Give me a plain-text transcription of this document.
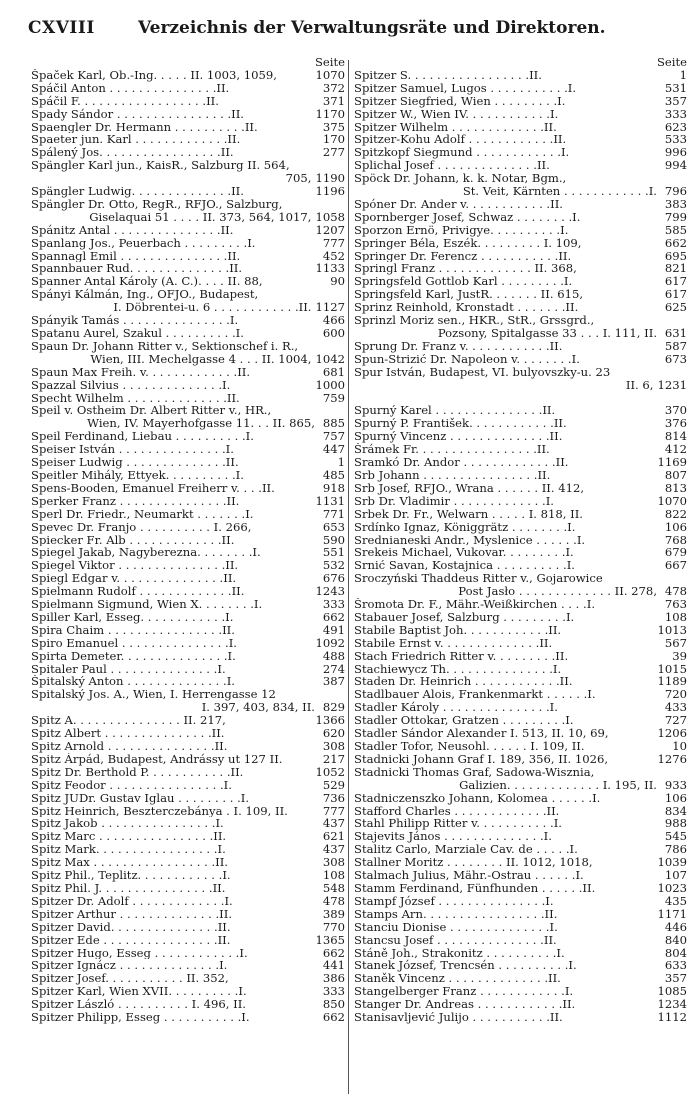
CXVIII	Verzeichnis der Verwaltungsräte und Direktoren.
Seite
Špaček Karl, Ob.-Ing. . . . . II. 1003, 1059,	1070
Spáčil Anton . . . . . . . . . . . . . . .II.	372
Spáčil F. . . . . . . . . . . . . . . . . .II.	371
Spady Sándor . . . . . . . . . . . . . . . .II.	1170
Spaengler Dr. Hermann . . . . . . . . . .II.	375
Spaeter jun. Karl . . . . . . . . . . . . .II.	170
Spálený Jos. . . . . . . . . . . . . . . . .II.	277
Spängler Karl jun., KaisR., Salzburg II. 564,
705, 1190
Spängler Ludwig. . . . . . . . . . . . . .II.	1196
Spängler Dr. Otto, RegR., RFJO., Salzburg,
Giselaquai 51 . . . . II. 373, 564, 1017, 1058
Spánitz Antal . . . . . . . . . . . . . . .II.	1207
Spanlang Jos., Peuerbach . . . . . . . . .I.	777
Spannagl Emil . . . . . . . . . . . . . . .II.	452
Spannbauer Rud. . . . . . . . . . . . . .II.	1133
Spanner Antal Károly (A. C.). . . . II. 88,	90
Spányi Kálmán, Ing., OFJO., Budapest,
I. Döbrentei-u. 6 . . . . . . . . . . . .II. 1127
Spányik Tamás . . . . . . . . . . . . . . .I.	466
Spatanu Aurel, Szakul . . . . . . . . . .I.	600
Spaun Dr. Johann Ritter v., Sektionschef i. R.,
Wien, III. Mechelgasse 4 . . . II. 1004, 1042
Spaun Max Freih. v. . . . . . . . . . . . .II.	681
Spazzal Silvius . . . . . . . . . . . . . .I.	1000
Specht Wilhelm . . . . . . . . . . . . . .II.	759
Speil v. Ostheim Dr. Albert Ritter v., HR.,
Wien, IV. Mayerhofgasse 11. . . II. 865, 885
Speil Ferdinand, Liebau . . . . . . . . . .I.	757
Speiser István . . . . . . . . . . . . . . .I.	447
Speiser Ludwig . . . . . . . . . . . . . .II.	1
Speitler Mihály, Ettyek. . . . . . . . . .I.	485
Spens-Booden, Emanuel Freiherr v. . . .II.	918
Sperker Franz . . . . . . . . . . . . . . .II.	1131
Sperl Dr. Friedr., Neumarkt . . . . . . .I.	771
Spevec Dr. Franjo . . . . . . . . . . I. 266,	653
Spiecker Fr. Alb . . . . . . . . . . . . .II.	590
Spiegel Jakab, Nagyberezna. . . . . . . .I.	551
Spiegel Viktor . . . . . . . . . . . . . . .II.	532
Spiegl Edgar v. . . . . . . . . . . . . . .II.	676
Spielmann Rudolf . . . . . . . . . . . . .II.	1243
Spielmann Sigmund, Wien X. . . . . . . .I.	333
Spiller Karl, Esseg. . . . . . . . . . . .I.	662
Spira Chaim . . . . . . . . . . . . . . . .II.	491
Spiro Emanuel . . . . . . . . . . . . . . .I.	1092
Spirta Demeter. . . . . . . . . . . . . . .I.	488
Spitaler Paul . . . . . . . . . . . . . . .I.	274
Špitalský Anton . . . . . . . . . . . . . .I.	387
Spitalský Jos. A., Wien, I. Herrengasse 12
I. 397, 403, 834, II. 829
Spitz A. . . . . . . . . . . . . . . II. 217,	1366
Spitz Albert . . . . . . . . . . . . . . .II.	620
Spitz Arnold . . . . . . . . . . . . . . .II.	308
Spitz Árpád, Budapest, Andrássy ut 127 II.	217
Spitz Dr. Berthold P. . . . . . . . . . . .II.	1052
Spitz Feodor . . . . . . . . . . . . . . . .I.	529
Spitz JUDr. Gustav Iglau . . . . . . . . .I.	736
Spitz Heinrich, Beszterczebánya . I. 109, II.	777
Spitz Jakob . . . . . . . . . . . . . . . .I.	437
Spitz Marc . . . . . . . . . . . . . . . .II.	621
Spitz Mark. . . . . . . . . . . . . . . . .I.	437
Spitz Max . . . . . . . . . . . . . . . . .II.	308
Spitz Phil., Teplitz. . . . . . . . . . . .I.	108
Spitz Phil. J. . . . . . . . . . . . . . . .II.	548
Spitzer Dr. Adolf . . . . . . . . . . . . .I.	478
Spitzer Arthur . . . . . . . . . . . . . .II.	389
Spitzer David. . . . . . . . . . . . . . .II.	770
Spitzer Ede . . . . . . . . . . . . . . . .II.	1365
Spitzer Hugo, Esseg . . . . . . . . . . . .I.	662
Spitzer Ignácz . . . . . . . . . . . . . .I.	441
Spitzer Josef. . . . . . . . . . . II. 352,	386
Spitzer Karl, Wien XVII. . . . . . . . . .I.	333
Spitzer László . . . . . . . . . . I. 496, II.	850
Spitzer Philipp, Esseg . . . . . . . . . . .I.	662
Seite
Spitzer S. . . . . . . . . . . . . . . . .II.	1
Spitzer Samuel, Lugos . . . . . . . . . . .I.	531
Spitzer Siegfried, Wien . . . . . . . . .I.	357
Spitzer W., Wien IV. . . . . . . . . . . .I.	333
Spitzer Wilhelm . . . . . . . . . . . . .II.	623
Spitzer-Kohu Adolf . . . . . . . . . . . .II.	533
Spitzkopf Siegmund . . . . . . . . . . . .I.	996
Splichal Josef . . . . . . . . . . . . . .II.	994
Spöck Dr. Johann, k. k. Notar, Bgm.,
St. Veit, Kärnten . . . . . . . . . . . .I. 796
Spóner Dr. Ander v. . . . . . . . . . . .II.	383
Spornberger Josef, Schwaz . . . . . . . .I.	799
Sporzon Ernö, Privigye. . . . . . . . . .I.	585
Springer Béla, Eszék. . . . . . . . . I. 109,	662
Springer Dr. Ferencz . . . . . . . . . . .II.	695
Springl Franz . . . . . . . . . . . . . II. 368,	821
Springsfeld Gottlob Karl . . . . . . . . .I.	617
Springsfeld Karl, JustR. . . . . . . II. 615,	617
Sprinz Reinhold, Kronstadt . . . . . . .II.	625
Sprinzl Moriz sen., HKR., StR., Grssgrd.,
Pozsony, Spitalgasse 33 . . . I. 111, II. 631
Sprung Dr. Franz v. . . . . . . . . . . .II.	587
Spun-Strizić Dr. Napoleon v. . . . . . . .I.	673
Spur István, Budapest, VI. bulyovszky-u. 23
II. 6, 1231
Spurný Karel . . . . . . . . . . . . . . .II.	370
Spurný P. František. . . . . . . . . . . .II.	376
Spurný Vincenz . . . . . . . . . . . . . .II.	814
Šrámek Fr. . . . . . . . . . . . . . . . .II.	412
Sramkó Dr. Andor . . . . . . . . . . . . .II.	1169
Srb Johann . . . . . . . . . . . . . . . .II.	807
Srb Josef, RFJO., Wrana . . . . . . II. 412,	813
Srb Dr. Vladimir . . . . . . . . . . . . .I.	1070
Srbek Dr. Fr., Welwarn . . . . . I. 818, II.	822
Srdínko Ignaz, Königgrätz . . . . . . . .I.	106
Srednianeski Andr., Myslenice . . . . . .I.	768
Srekeis Michael, Vukovar. . . . . . . . .I.	679
Srnić Savan, Kostajnica . . . . . . . . . .I.	667
Sroczyński Thaddeus Ritter v., Gojarowice
Post Jasło . . . . . . . . . . . . . II. 278, 478
Šromota Dr. F., Mähr.-Weißkirchen . . . .I.	763
Stabauer Josef, Salzburg . . . . . . . . .I.	108
Stabile Baptist Joh. . . . . . . . . . . .II.	1013
Stabile Ernst v. . . . . . . . . . . . . .II.	567
Stach Friedrich Ritter v. . . . . . . . .II.	39
Stachiewycz Th. . . . . . . . . . . . . . .I.	1015
Staden Dr. Heinrich . . . . . . . . . . . .II.	1189
Stadlbauer Alois, Frankenmarkt . . . . . .I.	720
Stadler Károly . . . . . . . . . . . . . . .I.	433
Stadler Ottokar, Gratzen . . . . . . . . .I.	727
Stadler Sándor Alexander I. 513, II. 10, 69,	1206
Stadler Tofor, Neusohl. . . . . . I. 109, II.	10
Stadnicki Johann Graf I. 189, 356, II. 1026,	1276
Stadnicki Thomas Graf, Sadowa-Wisznia,
Galizien. . . . . . . . . . . . . I. 195, II. 933
Stadniczenszko Johann, Kolomea . . . . . .I.	106
Stafford Charles . . . . . . . . . . . . .II.	834
Stahl Philipp Ritter v. . . . . . . . . . .I.	988
Stajevits János . . . . . . . . . . . . . .I.	545
Stalitz Carlo, Marziale Cav. de . . . . .I.	786
Stallner Moritz . . . . . . . . II. 1012, 1018,	1039
Stalmach Julius, Mähr.-Ostrau . . . . . .I.	107
Stamm Ferdinand, Fünfhunden . . . . . .II.	1023
Stampf József . . . . . . . . . . . . . . .I.	435
Stamps Arn. . . . . . . . . . . . . . . . .II.	1171
Stanciu Dionise . . . . . . . . . . . . . .I.	446
Stancsu Josef . . . . . . . . . . . . . . .II.	840
Stáně Joh., Strakonitz . . . . . . . . . .I.	804
Stanek József, Trencsén . . . . . . . . . .I.	633
Staněk Vincenz . . . . . . . . . . . . . .II.	357
Stangelberger Franz . . . . . . . . . . . .I.	1085
Stanger Dr. Andreas . . . . . . . . . . . .II.	1234
Stanisavljević Julijo . . . . . . . . . . .II.	1112
